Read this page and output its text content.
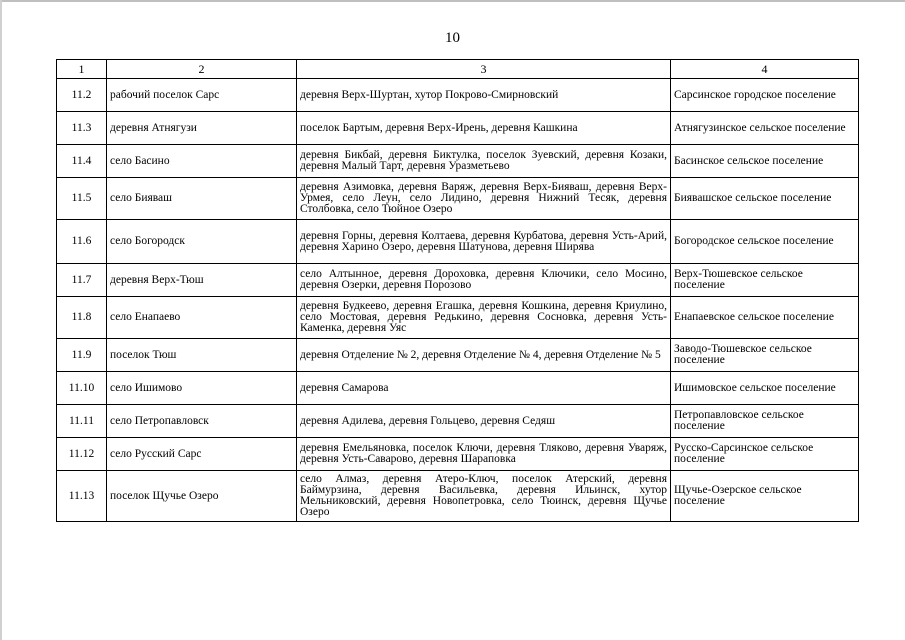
10
1	2	3	4
11.2	рабочий поселок Сарс	деревня Верх-Шуртан, хутор Покрово-Смирновский	Сарсинское городское поселение
11.3	деревня Атнягузи	поселок Бартым, деревня Верх-Ирень, деревня Кашкина	Атнягузинское сельское поселение
11.4	село Басино	деревня Бикбай, деревня Биктулка, поселок Зуевский, деревня Козаки, деревня Малый Тарт, деревня Уразметьево	Басинское сельское поселение
11.5	село Бияваш	деревня Азимовка, деревня Варяж, деревня Верх-Бияваш, деревня Верх-Урмея, село Леун, село Лидино, деревня Нижний Тесяк, деревня Столбовка, село Тюйное Озеро	Биявашское сельское поселение
11.6	село Богородск	деревня Горны, деревня Колтаева, деревня Курбатова, деревня Усть-Арий, деревня Харино Озеро, деревня Шатунова, деревня Ширява	Богородское сельское поселение
11.7	деревня Верх-Тюш	село Алтынное, деревня Дороховка, деревня Ключики, село Мосино, деревня Озерки, деревня Порозово	Верх-Тюшевское сельское поселение
11.8	село Енапаево	деревня Будкеево, деревня Егашка, деревня Кошкина, деревня Криулино, село Мостовая, деревня Редькино, деревня Сосновка, деревня Усть-Каменка, деревня Уяс	Енапаевское сельское поселение
11.9	поселок Тюш	деревня Отделение № 2, деревня Отделение № 4, деревня Отделение № 5	Заводо-Тюшевское сельское поселение
11.10	село Ишимово	деревня Самарова	Ишимовское сельское поселение
11.11	село Петропавловск	деревня Адилева, деревня Гольцево, деревня Седяш	Петропавловское сельское поселение
11.12	село Русский Сарс	деревня Емельяновка, поселок Ключи, деревня Тляково, деревня Уваряж, деревня Усть-Саварово, деревня Шараповка	Русско-Сарсинское сельское поселение
11.13	поселок Щучье Озеро	село Алмаз, деревня Атеро-Ключ, поселок Атерский, деревня Баймурзина, деревня Васильевка, деревня Ильинск, хутор Мельниковский, деревня Новопетровка, село Тюинск, деревня Щучье Озеро	Щучье-Озерское сельское поселение
